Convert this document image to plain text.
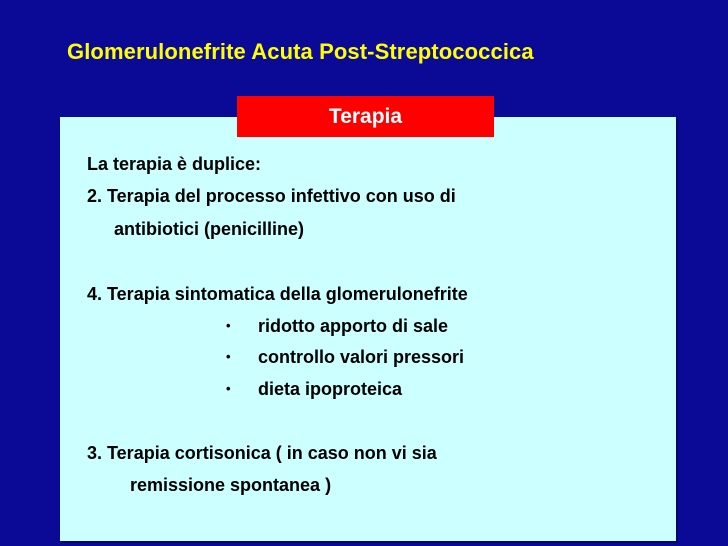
Glomerulonefrite Acuta Post-Streptococcica
Terapia
La terapia è duplice:
2. Terapia del processo infettivo con uso di
antibiotici (penicilline)
4. Terapia sintomatica della glomerulonefrite
• ridotto apporto di sale
• controllo valori pressori
• dieta ipoproteica
3. Terapia cortisonica ( in caso non vi sia
remissione spontanea )
